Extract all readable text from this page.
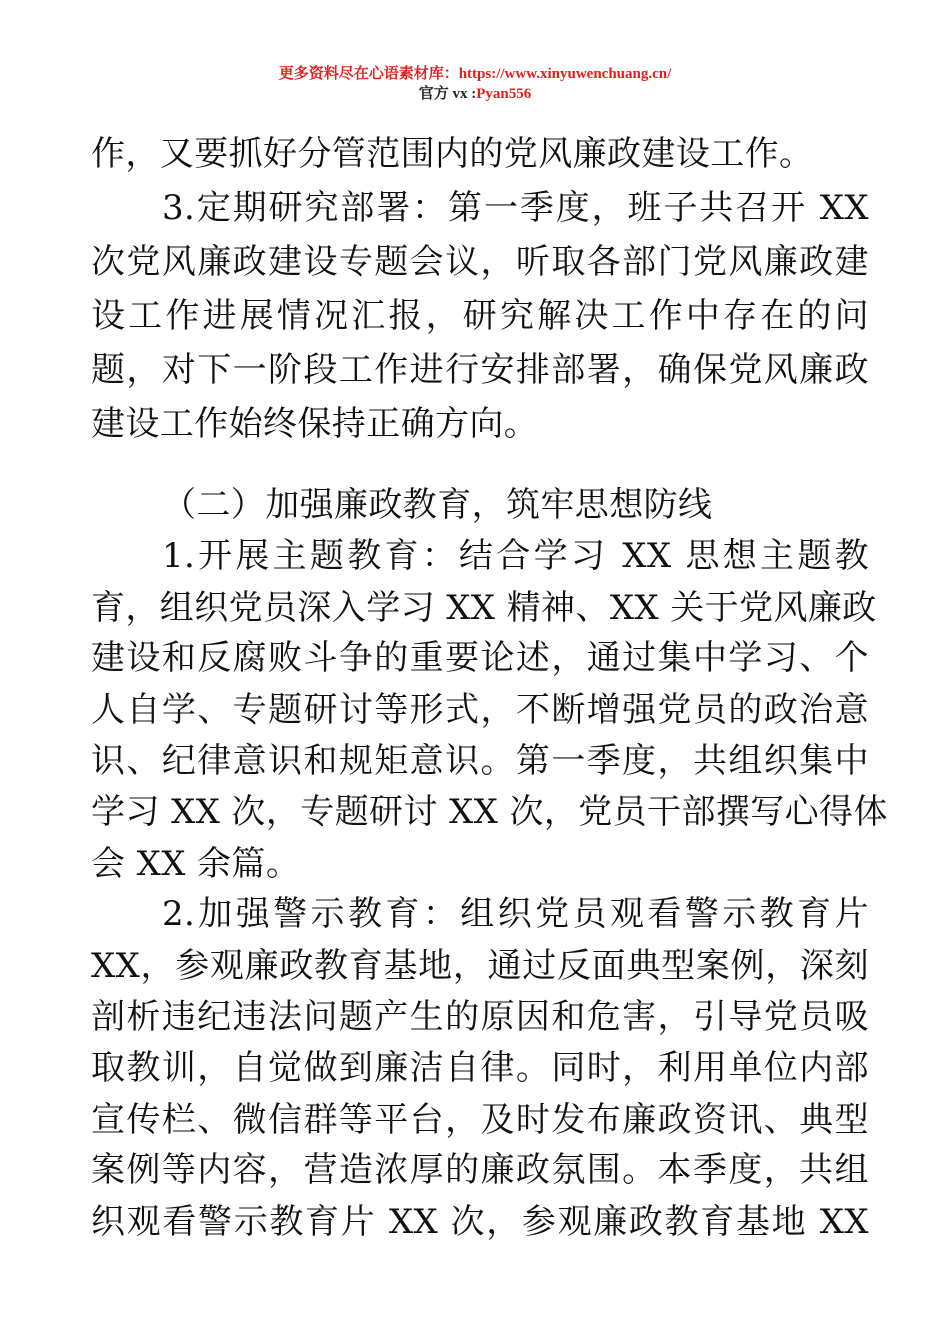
更多资料尽在心语素材库：https://www.xinyuwenchuang.cn/
官方 vx :Pyan556
作，又要抓好分管范围内的党风廉政建设工作。
3.定期研究部署：第一季度，班子共召开 XX
次党风廉政建设专题会议，听取各部门党风廉政建
设工作进展情况汇报，研究解决工作中存在的问
题，对下一阶段工作进行安排部署，确保党风廉政
建设工作始终保持正确方向。
（二）加强廉政教育，筑牢思想防线
1.开展主题教育：结合学习 XX 思想主题教
育，组织党员深入学习 XX 精神、XX 关于党风廉政
建设和反腐败斗争的重要论述，通过集中学习、个
人自学、专题研讨等形式，不断增强党员的政治意
识、纪律意识和规矩意识。第一季度，共组织集中
学习 XX 次，专题研讨 XX 次，党员干部撰写心得体
会 XX 余篇。
2.加强警示教育：组织党员观看警示教育片
XX，参观廉政教育基地，通过反面典型案例，深刻
剖析违纪违法问题产生的原因和危害，引导党员吸
取教训，自觉做到廉洁自律。同时，利用单位内部
宣传栏、微信群等平台，及时发布廉政资讯、典型
案例等内容，营造浓厚的廉政氛围。本季度，共组
织观看警示教育片 XX 次，参观廉政教育基地 XX
